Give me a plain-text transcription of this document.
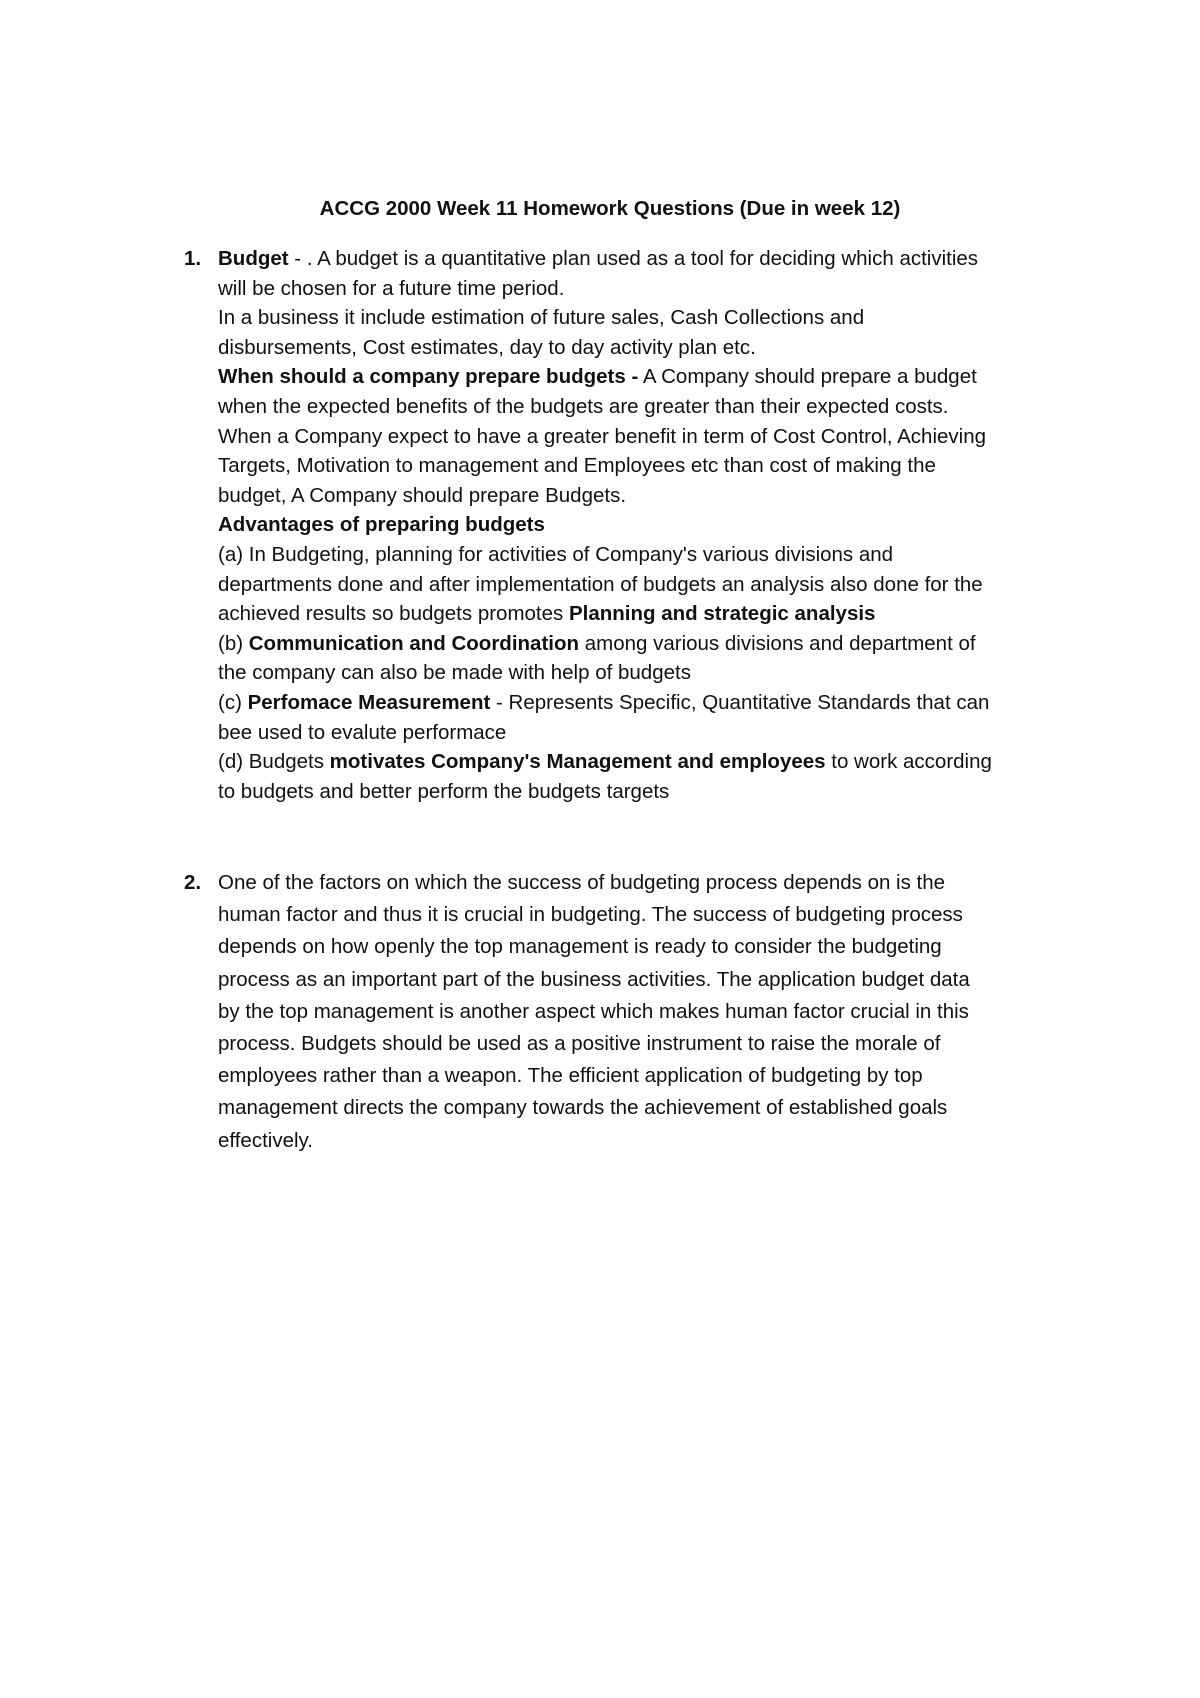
ACCG 2000 Week 11 Homework Questions (Due in week 12)
1. Budget - . A budget is a quantitative plan used as a tool for deciding which activities
will be chosen for a future time period.
In a business it include estimation of future sales, Cash Collections and
disbursements, Cost estimates, day to day activity plan etc.
When should a company prepare budgets - A Company should prepare a budget
when the expected benefits of the budgets are greater than their expected costs.
When a Company expect to have a greater benefit in term of Cost Control, Achieving
Targets, Motivation to management and Employees etc than cost of making the
budget, A Company should prepare Budgets.
Advantages of preparing budgets
(a) In Budgeting, planning for activities of Company's various divisions and
departments done and after implementation of budgets an analysis also done for the
achieved results so budgets promotes Planning and strategic analysis
(b) Communication and Coordination among various divisions and department of
the company can also be made with help of budgets
(c) Perfomace Measurement - Represents Specific, Quantitative Standards that can
bee used to evalute performace
(d) Budgets motivates Company's Management and employees to work according
to budgets and better perform the budgets targets
2. One of the factors on which the success of budgeting process depends on is the
human factor and thus it is crucial in budgeting. The success of budgeting process
depends on how openly the top management is ready to consider the budgeting
process as an important part of the business activities. The application budget data
by the top management is another aspect which makes human factor crucial in this
process. Budgets should be used as a positive instrument to raise the morale of
employees rather than a weapon. The efficient application of budgeting by top
management directs the company towards the achievement of established goals
effectively.
